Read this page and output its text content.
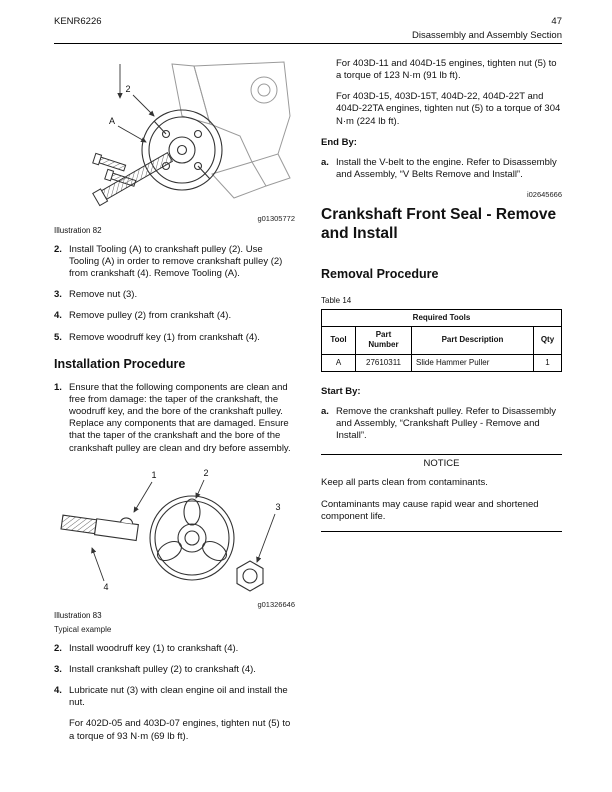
KENR6226	47
Disassembly and Assembly Section
2
A
g01305772
Illustration 82
2. Install Tooling (A) to crankshaft pulley (2). Use Tooling (A) in order to remove crankshaft pulley (2) from crankshaft (4). Remove Tooling (A).
3. Remove nut (3).
4. Remove pulley (2) from crankshaft (4).
5. Remove woodruff key (1) from crankshaft (4).
Installation Procedure
1. Ensure that the following components are clean and free from damage: the taper of the crankshaft, the woodruff key, and the bore of the crankshaft pulley. Replace any components that are damaged. Ensure that the taper of the crankshaft and the bore of the crankshaft pulley are clean and dry before assembly.
1	2
3
4
g01326646
Illustration 83
Typical example
2. Install woodruff key (1) to crankshaft (4).
3. Install crankshaft pulley (2) to crankshaft (4).
4. Lubricate nut (3) with clean engine oil and install the nut.

For 402D-05 and 403D-07 engines, tighten nut (5) to a torque of 93 N·m (69 lb ft).

For 403D-11 and 404D-15 engines, tighten nut (5) to a torque of 123 N·m (91 lb ft).

For 403D-15, 403D-15T, 404D-22, 404D-22T and 404D-22TA engines, tighten nut (5) to a torque of 304 N·m (224 lb ft).

End By:
a. Install the V-belt to the engine. Refer to Disassembly and Assembly, “V Belts Remove and Install”.
i02645666
Crankshaft Front Seal - Remove and Install
Removal Procedure
Table 14
Required Tools			
Tool	Part Number	Part Description	Qty
A	27610311	Slide Hammer Puller	1
Start By:
a. Remove the crankshaft pulley. Refer to Disassembly and Assembly, “Crankshaft Pulley - Remove and Install”.
NOTICE

Keep all parts clean from contaminants.

Contaminants may cause rapid wear and shortened component life.
